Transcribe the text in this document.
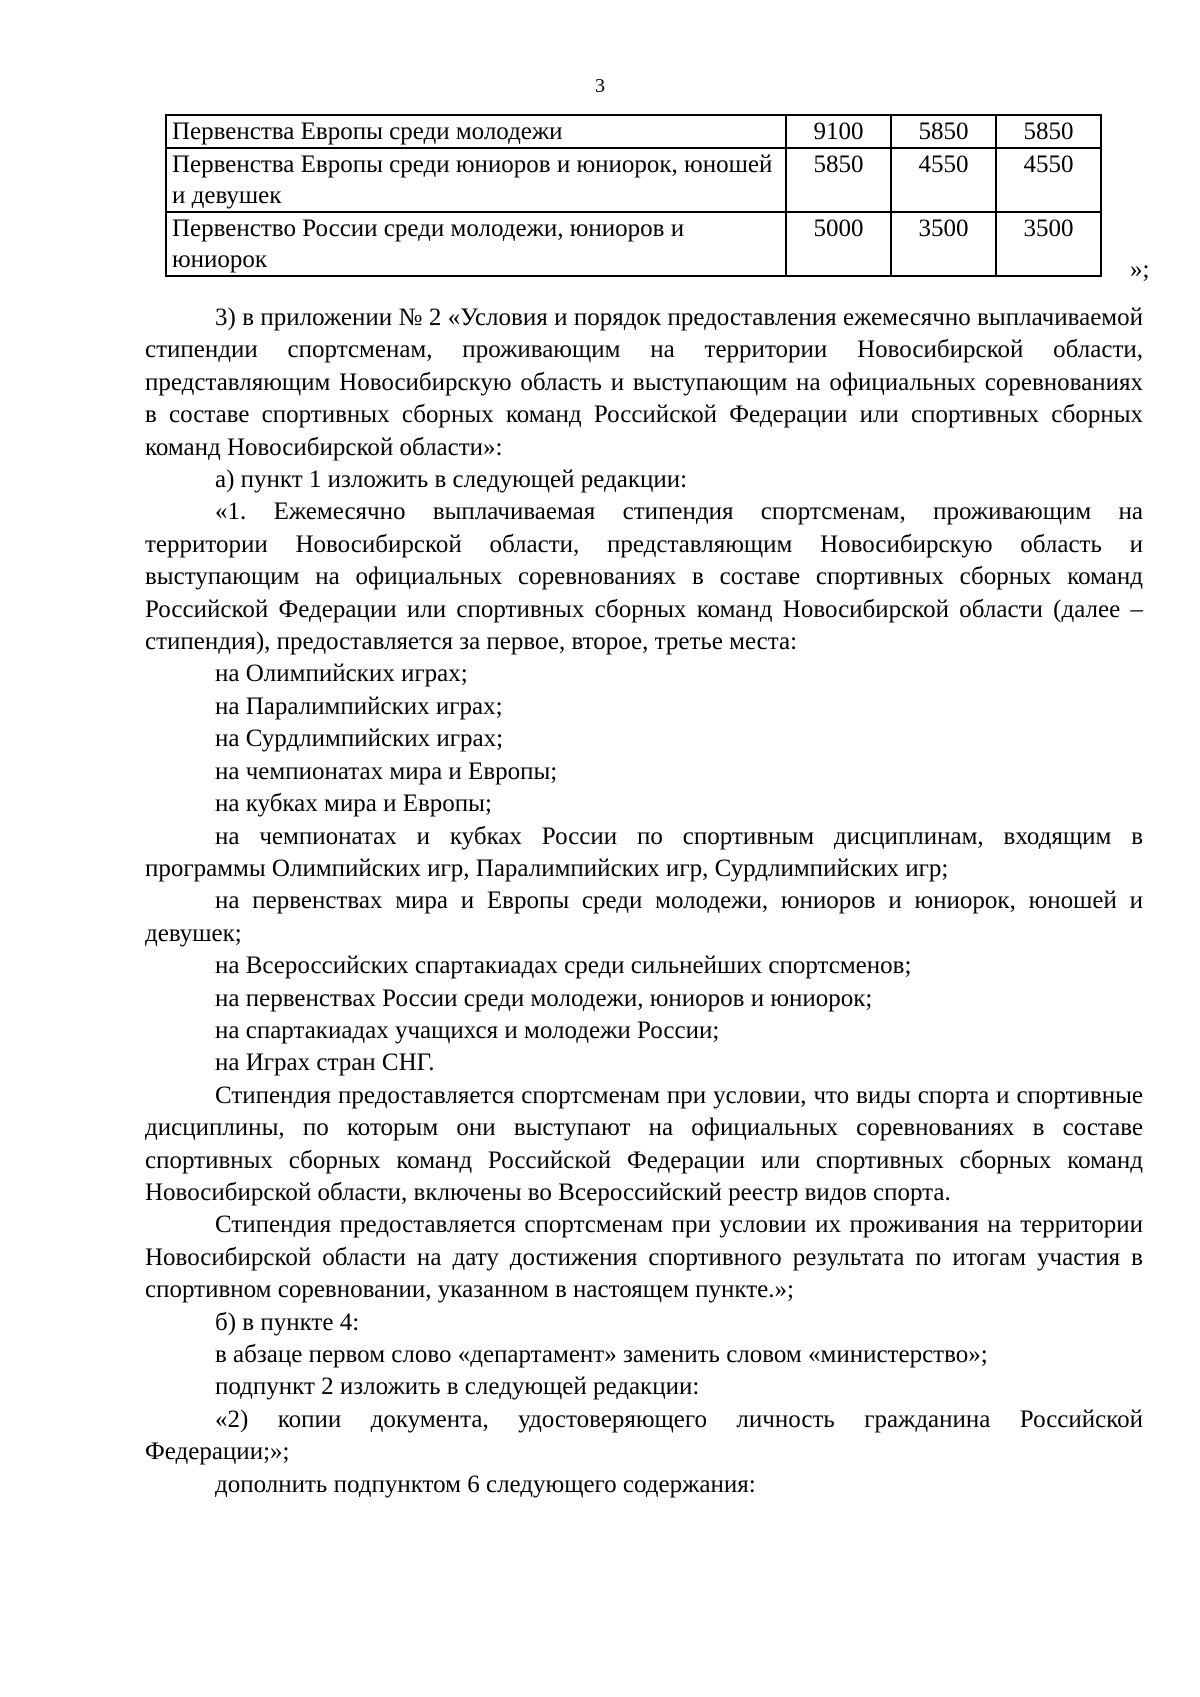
3
Первенства Европы среди молодежи	9100	5850	5850
Первенства Европы среди юниоров и юниорок, юношей и девушек	5850	4550	4550
Первенство России среди молодежи, юниоров и юниорок	5000	3500	3500
»;

3) в приложении № 2 «Условия и порядок предоставления ежемесячно выплачиваемой стипендии спортсменам, проживающим на территории Новосибирской области, представляющим Новосибирскую область и выступающим на официальных соревнованиях в составе спортивных сборных команд Российской Федерации или спортивных сборных команд Новосибирской области»:

а) пункт 1 изложить в следующей редакции:

«1. Ежемесячно выплачиваемая стипендия спортсменам, проживающим на территории Новосибирской области, представляющим Новосибирскую область и выступающим на официальных соревнованиях в составе спортивных сборных команд Российской Федерации или спортивных сборных команд Новосибирской области (далее – стипендия), предоставляется за первое, второе, третье места:

на Олимпийских играх;

на Паралимпийских играх;

на Сурдлимпийских играх;

на чемпионатах мира и Европы;

на кубках мира и Европы;

на чемпионатах и кубках России по спортивным дисциплинам, входящим в программы Олимпийских игр, Паралимпийских игр, Сурдлимпийских игр;

на первенствах мира и Европы среди молодежи, юниоров и юниорок, юношей и девушек;

на Всероссийских спартакиадах среди сильнейших спортсменов;

на первенствах России среди молодежи, юниоров и юниорок;

на спартакиадах учащихся и молодежи России;

на Играх стран СНГ.

Стипендия предоставляется спортсменам при условии, что виды спорта и спортивные дисциплины, по которым они выступают на официальных соревнованиях в составе спортивных сборных команд Российской Федерации или спортивных сборных команд Новосибирской области, включены во Всероссийский реестр видов спорта.

Стипендия предоставляется спортсменам при условии их проживания на территории Новосибирской области на дату достижения спортивного результата по итогам участия в спортивном соревновании, указанном в настоящем пункте.»;

б) в пункте 4:

в абзаце первом слово «департамент» заменить словом «министерство»;

подпункт 2 изложить в следующей редакции:

«2) копии документа, удостоверяющего личность гражданина Российской Федерации;»;

дополнить подпунктом 6 следующего содержания:
